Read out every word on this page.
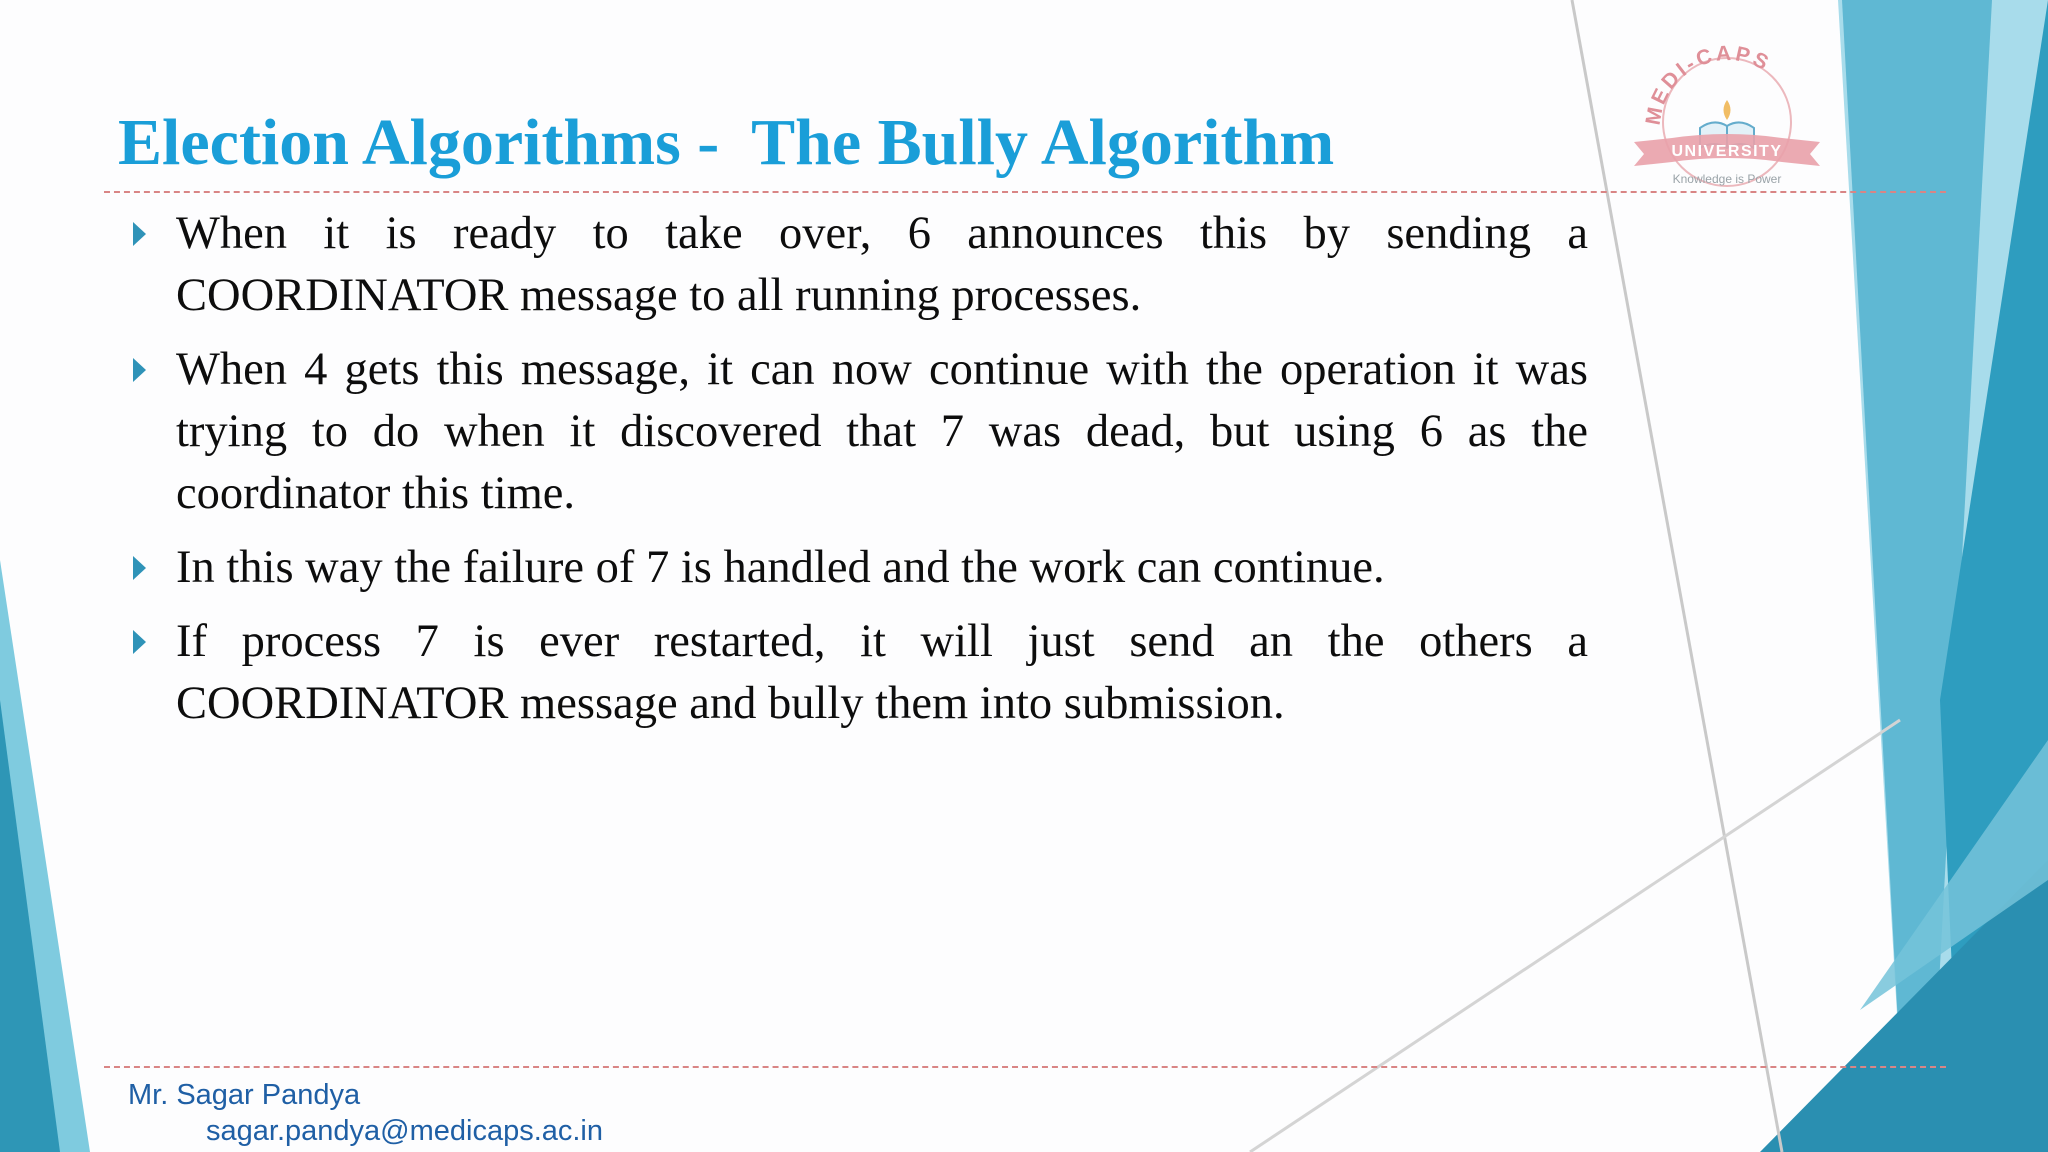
Election Algorithms -  The Bully Algorithm
When it is ready to take over, 6 announces this by sending a COORDINATOR message to all running processes.
When 4 gets this message, it can now continue with the operation it was trying to do when it discovered that 7 was dead, but using 6 as the coordinator this time.
In this way the failure of 7 is handled and the work can continue.
If process 7 is ever restarted, it will just send an the others a COORDINATOR message and bully them into submission.
MEDI-CAPS
UNIVERSITY
Knowledge is Power
Mr. Sagar Pandya
sagar.pandya@medicaps.ac.in
